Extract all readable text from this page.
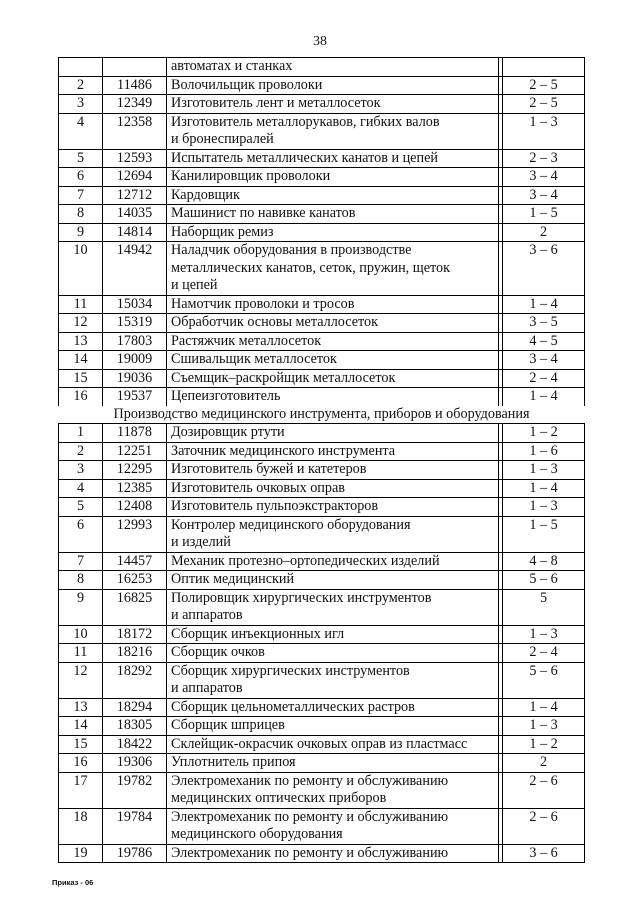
38
		автоматах и станках		
2	11486	Волочильщик проволоки		2 – 5
3	12349	Изготовитель лент и металлосеток		2 – 5
4	12358	Изготовитель металлорукавов, гибких валов
и бронеспиралей		1 – 3
5	12593	Испытатель металлических канатов и цепей		2 – 3
6	12694	Канилировщик проволоки		3 – 4
7	12712	Кардовщик		3 – 4
8	14035	Машинист по навивке канатов		1 – 5
9	14814	Наборщик ремиз		2
10	14942	Наладчик оборудования в производстве
металлических канатов, сеток, пружин, щеток
и цепей		3 – 6
11	15034	Намотчик проволоки и тросов		1 – 4
12	15319	Обработчик основы металлосеток		3 – 5
13	17803	Растяжчик металлосеток		4 – 5
14	19009	Сшивальщик металлосеток		3 – 4
15	19036	Съемщик–раскройщик металлосеток		2 – 4
16	19537	Цепеизготовитель		1 – 4
Производство медицинского инструмента, приборов и оборудования				
1	11878	Дозировщик ртути		1 – 2
2	12251	Заточник медицинского инструмента		1 – 6
3	12295	Изготовитель бужей и катетеров		1 – 3
4	12385	Изготовитель очковых оправ		1 – 4
5	12408	Изготовитель пульпоэкстракторов		1 – 3
6	12993	Контролер медицинского оборудования
и изделий		1 – 5
7	14457	Механик протезно–ортопедических изделий		4 – 8
8	16253	Оптик медицинский		5 – 6
9	16825	Полировщик хирургических инструментов
и аппаратов		5
10	18172	Сборщик инъекционных игл		1 – 3
11	18216	Сборщик очков		2 – 4
12	18292	Сборщик хирургических инструментов
и аппаратов		5 – 6
13	18294	Сборщик цельнометаллических растров		1 – 4
14	18305	Сборщик шприцев		1 – 3
15	18422	Склейщик-окрасчик очковых оправ из пластмасс		1 – 2
16	19306	Уплотнитель припоя		2
17	19782	Электромеханик по ремонту и обслуживанию
медицинских оптических приборов		2 – 6
18	19784	Электромеханик по ремонту и обслуживанию
медицинского оборудования		2 – 6
19	19786	Электромеханик по ремонту и обслуживанию		3 – 6
Приказ - 06
